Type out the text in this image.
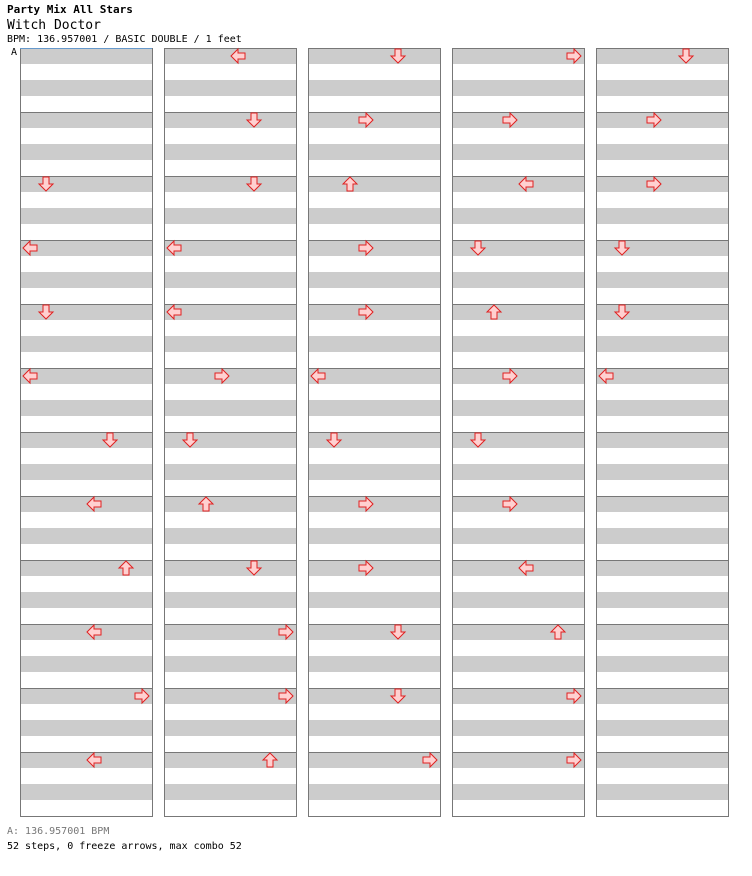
Party Mix All Stars
Witch Doctor
BPM: 136.957001 / BASIC DOUBLE / 1 feet
A
A: 136.957001 BPM
52 steps, 0 freeze arrows, max combo 52
